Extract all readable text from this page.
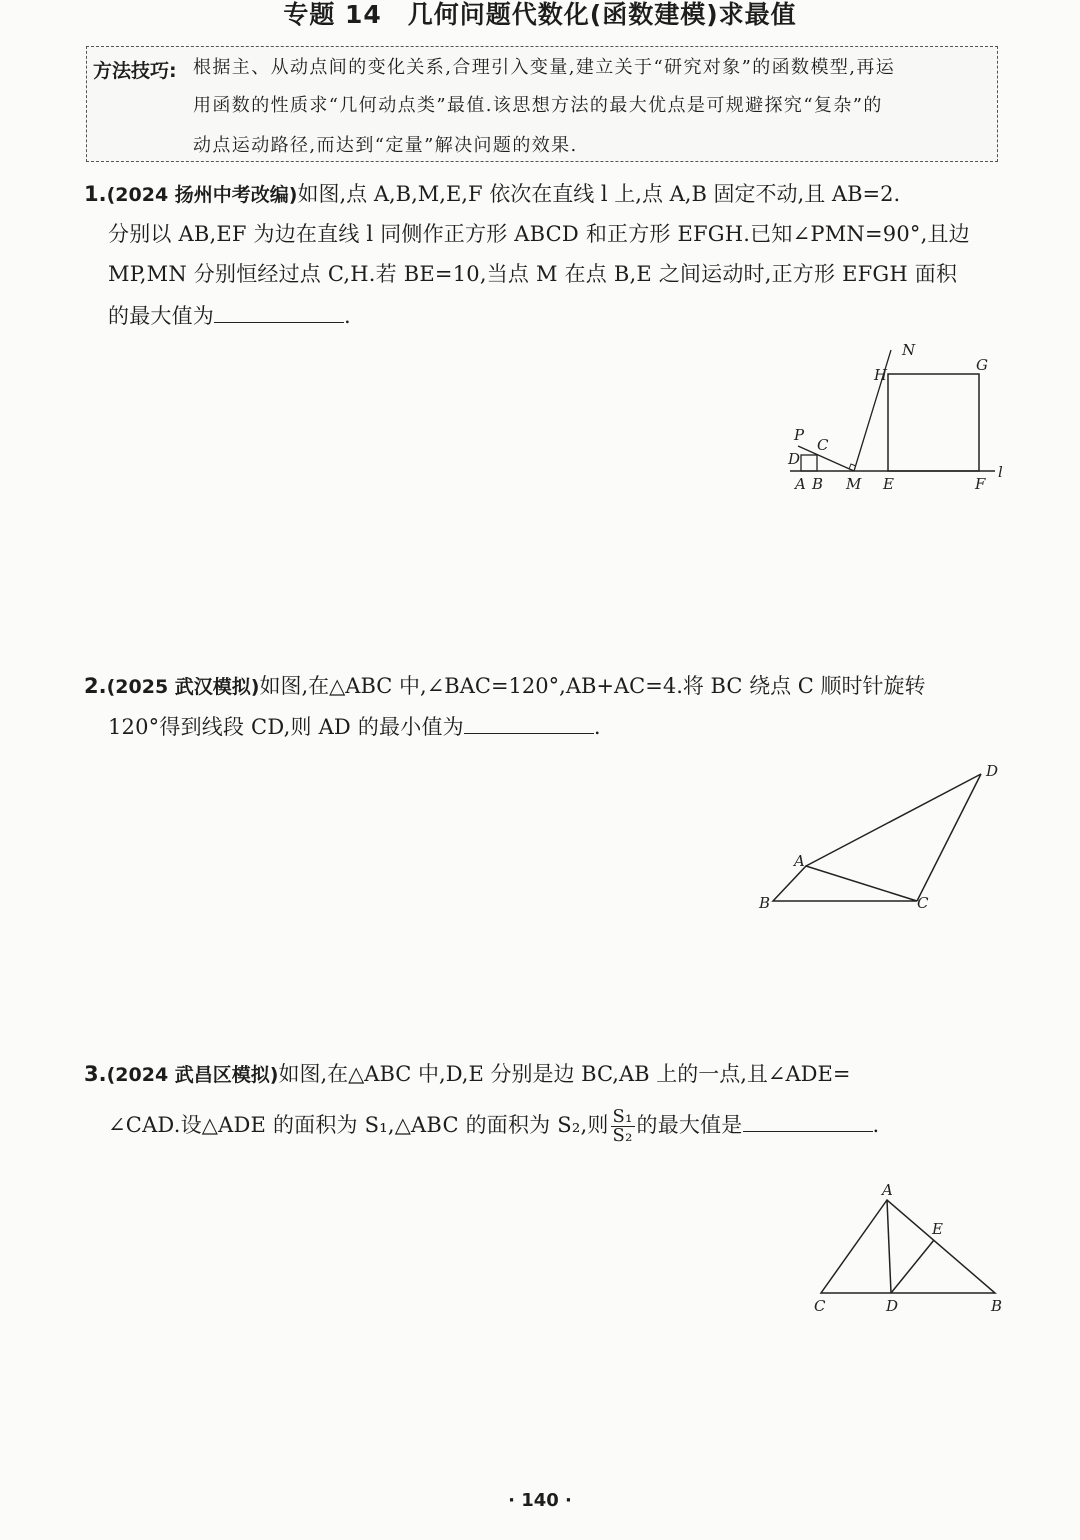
专题 14　几何问题代数化(函数建模)求最值
方法技巧: 根据主、从动点间的变化关系,合理引入变量,建立关于“研究对象”的函数模型,再运
用函数的性质求“几何动点类”最值.该思想方法的最大优点是可规避探究“复杂”的
动点运动路径,而达到“定量”解决问题的效果.
1.(2024 扬州中考改编)如图,点 A,B,M,E,F 依次在直线 l 上,点 A,B 固定不动,且 AB=2.
分别以 AB,EF 为边在直线 l 同侧作正方形 ABCD 和正方形 EFGH.已知∠PMN=90°,且边
MP,MN 分别恒经过点 C,H.若 BE=10,当点 M 在点 B,E 之间运动时,正方形 EFGH 面积
的最大值为	.
N
H
G
P
C
D
A B M E	F
l
2.(2025 武汉模拟)如图,在△ABC 中,∠BAC=120°,AB+AC=4.将 BC 绕点 C 顺时针旋转
120°得到线段 CD,则 AD 的最小值为	.
D
A
B	C
3.(2024 武昌区模拟)如图,在△ABC 中,D,E 分别是边 BC,AB 上的一点,且∠ADE=
∠CAD.设△ADE 的面积为 S₁,△ABC 的面积为 S₂,则 $\frac{\text{S₁}}{\text{S₂}}$ 的最大值是	.
A
E
C	D	B
· 140 ·
